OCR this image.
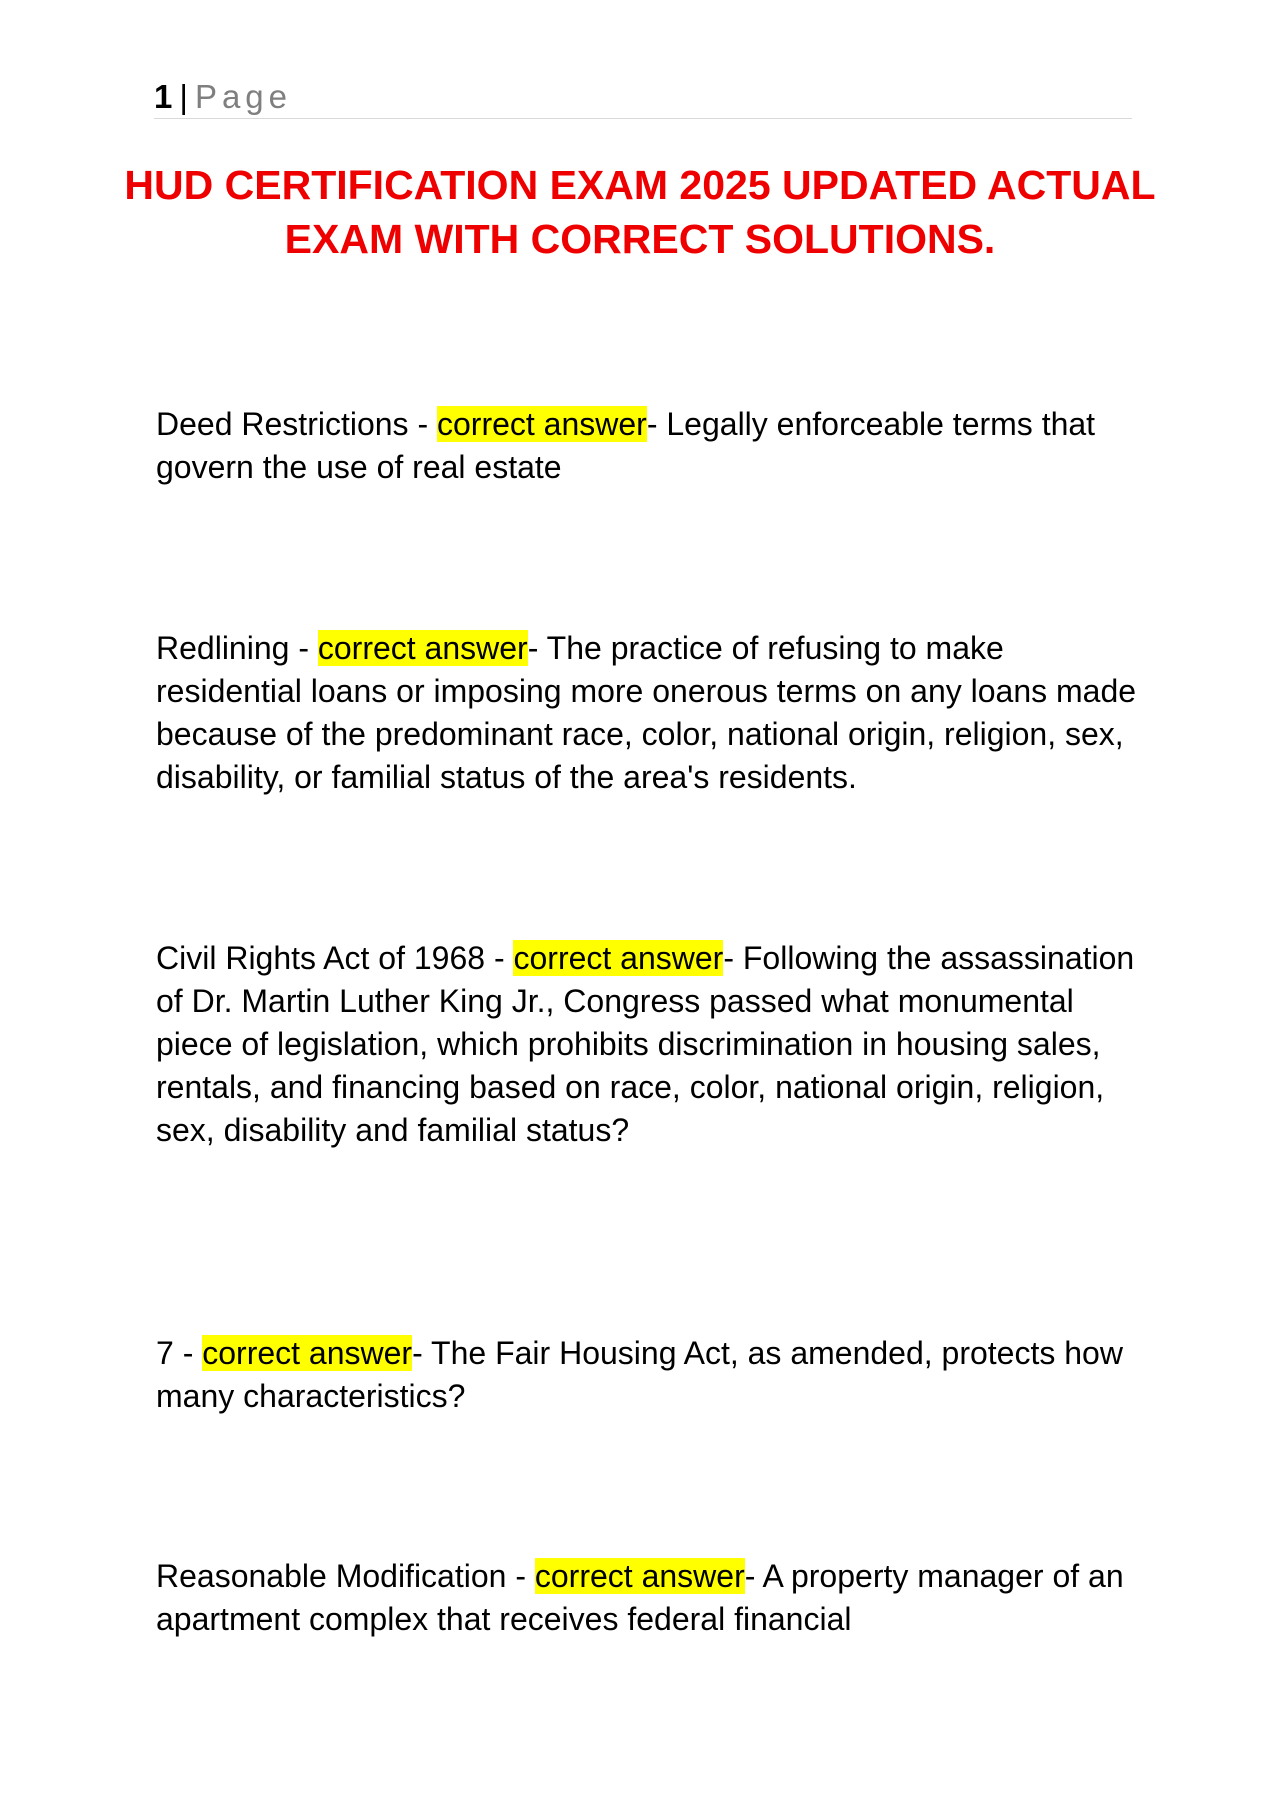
1 | Page
HUD CERTIFICATION EXAM 2025 UPDATED ACTUAL EXAM WITH CORRECT SOLUTIONS.

Deed Restrictions - correct answer- Legally enforceable terms that govern the use of real estate

Redlining - correct answer- The practice of refusing to make residential loans or imposing more onerous terms on any loans made because of the predominant race, color, national origin, religion, sex, disability, or familial status of the area's residents.

Civil Rights Act of 1968 - correct answer- Following the assassination of Dr. Martin Luther King Jr., Congress passed what monumental piece of legislation, which prohibits discrimination in housing sales, rentals, and financing based on race, color, national origin, religion, sex, disability and familial status?

7 - correct answer- The Fair Housing Act, as amended, protects how many characteristics?

Reasonable Modification - correct answer- A property manager of an apartment complex that receives federal financial
